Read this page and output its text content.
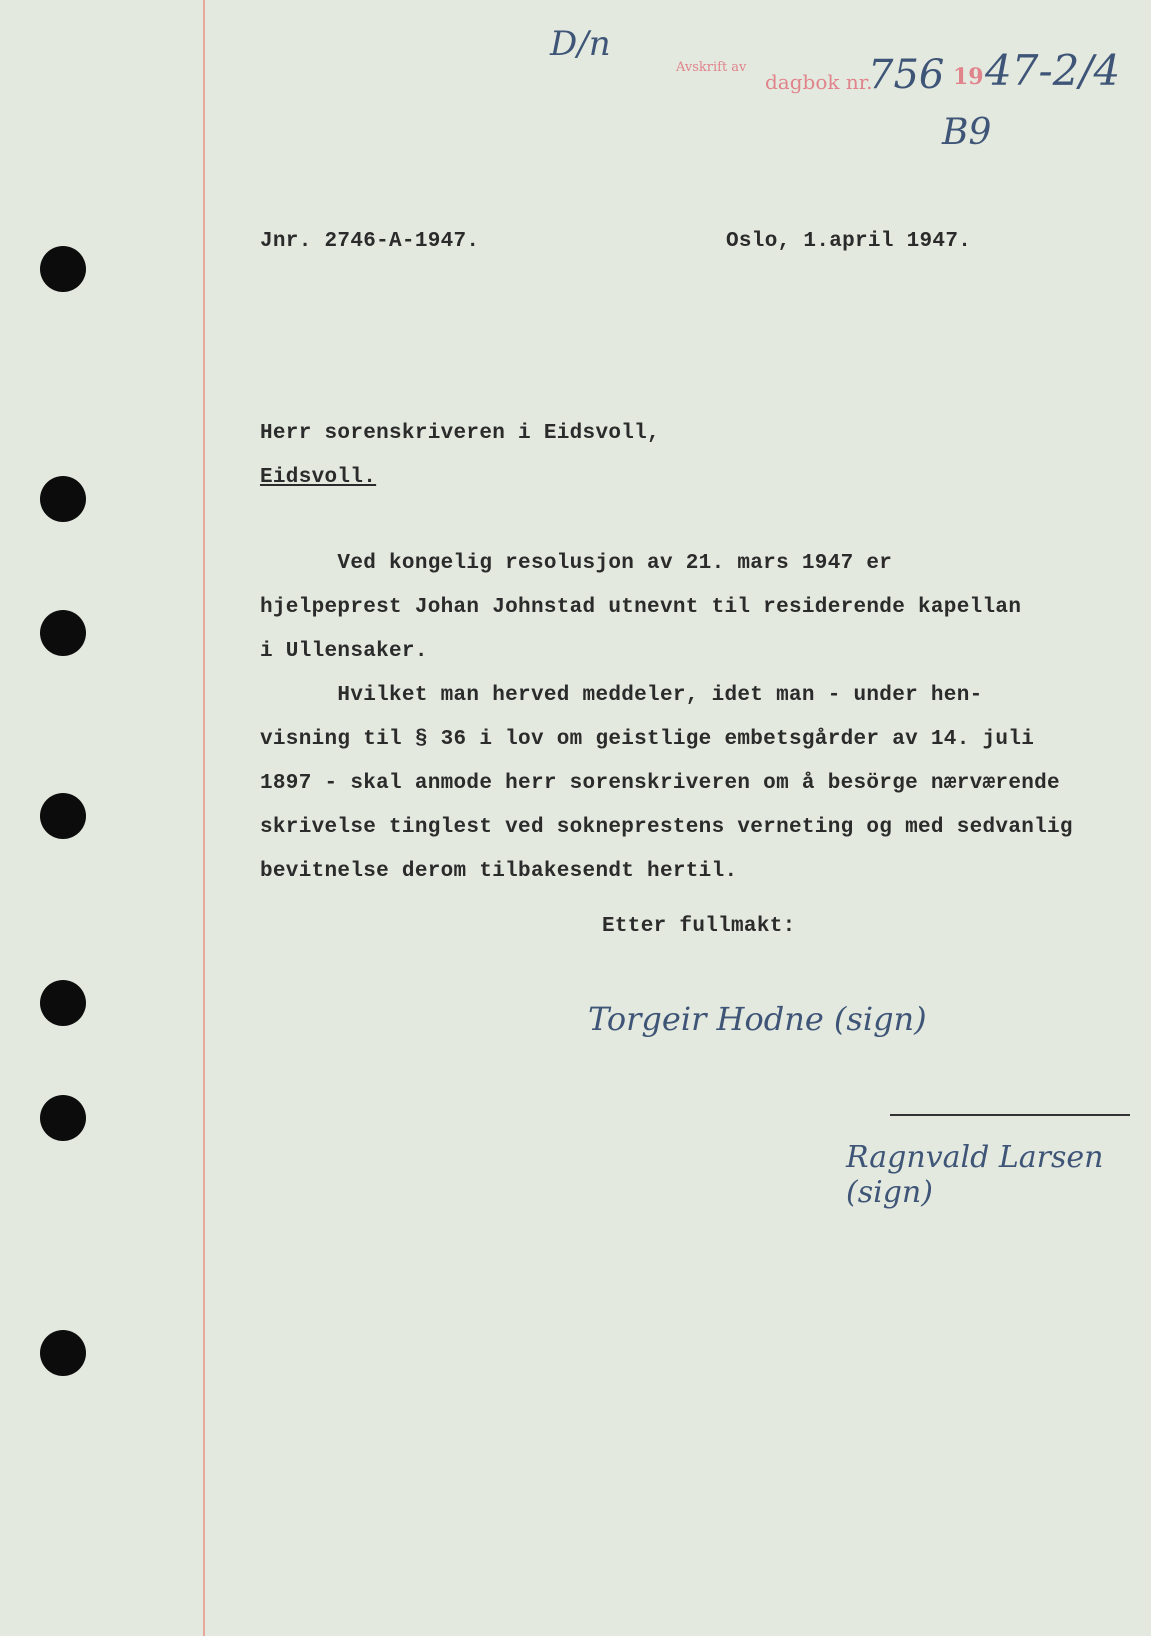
D/n
Avskrift av
dagbok nr.
756 19 47-2/4
B9
Jnr. 2746-A-1947.	Oslo, 1.april 1947.
Herr sorenskriveren i Eidsvoll,
Eidsvoll.
Ved kongelig resolusjon av 21. mars 1947 er
hjelpeprest Johan Johnstad utnevnt til residerende kapellan
i Ullensaker.
Hvilket man herved meddeler, idet man - under hen-
visning til § 36 i lov om geistlige embetsgårder av 14. juli
1897 - skal anmode herr sorenskriveren om å besörge nærværende
skrivelse tinglest ved sokneprestens verneting og med sedvanlig
bevitnelse derom tilbakesendt hertil.
Etter fullmakt:
Torgeir Hodne (sign)
Ragnvald Larsen (sign)
